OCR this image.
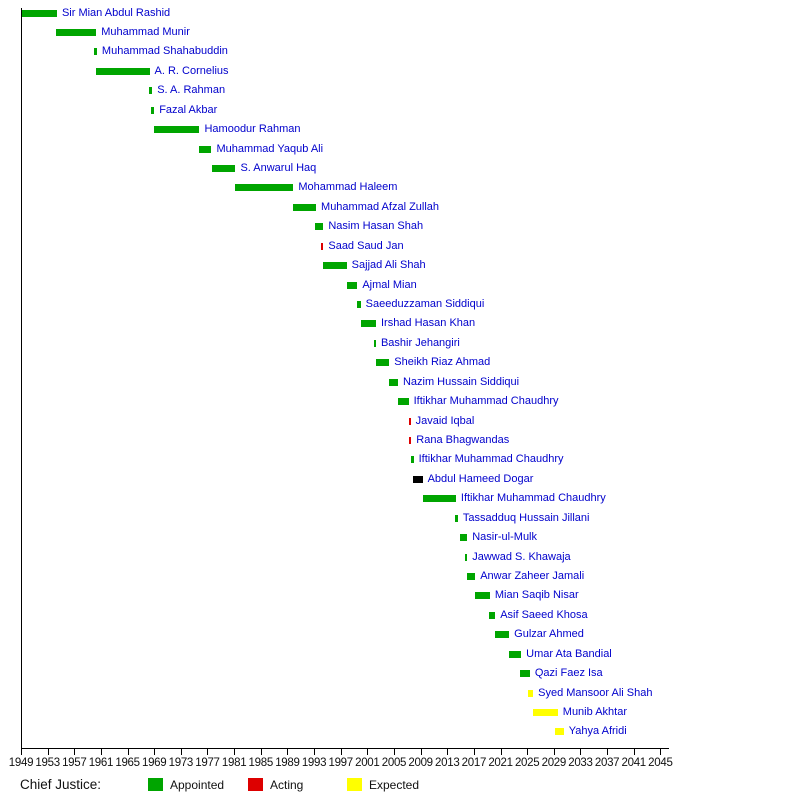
Sir Mian Abdul Rashid
Muhammad Munir
Muhammad Shahabuddin
A. R. Cornelius
S. A. Rahman
Fazal Akbar
Hamoodur Rahman
Muhammad Yaqub Ali
S. Anwarul Haq
Mohammad Haleem
Muhammad Afzal Zullah
Nasim Hasan Shah
Saad Saud Jan
Sajjad Ali Shah
Ajmal Mian
Saeeduzzaman Siddiqui
Irshad Hasan Khan
Bashir Jehangiri
Sheikh Riaz Ahmad
Nazim Hussain Siddiqui
Iftikhar Muhammad Chaudhry
Javaid Iqbal
Rana Bhagwandas
Iftikhar Muhammad Chaudhry
Abdul Hameed Dogar
Iftikhar Muhammad Chaudhry
Tassadduq Hussain Jillani
Nasir-ul-Mulk
Jawwad S. Khawaja
Anwar Zaheer Jamali
Mian Saqib Nisar
Asif Saeed Khosa
Gulzar Ahmed
Umar Ata Bandial
Qazi Faez Isa
Syed Mansoor Ali Shah
Munib Akhtar
Yahya Afridi
1949 1953 1957 1961 1965 1969 1973 1977 1981 1985 1989 1993 1997 2001 2005 2009 2013 2017 2021 2025 2029 2033 2037 2041 2045
Chief Justice:	Appointed	Acting	Expected
